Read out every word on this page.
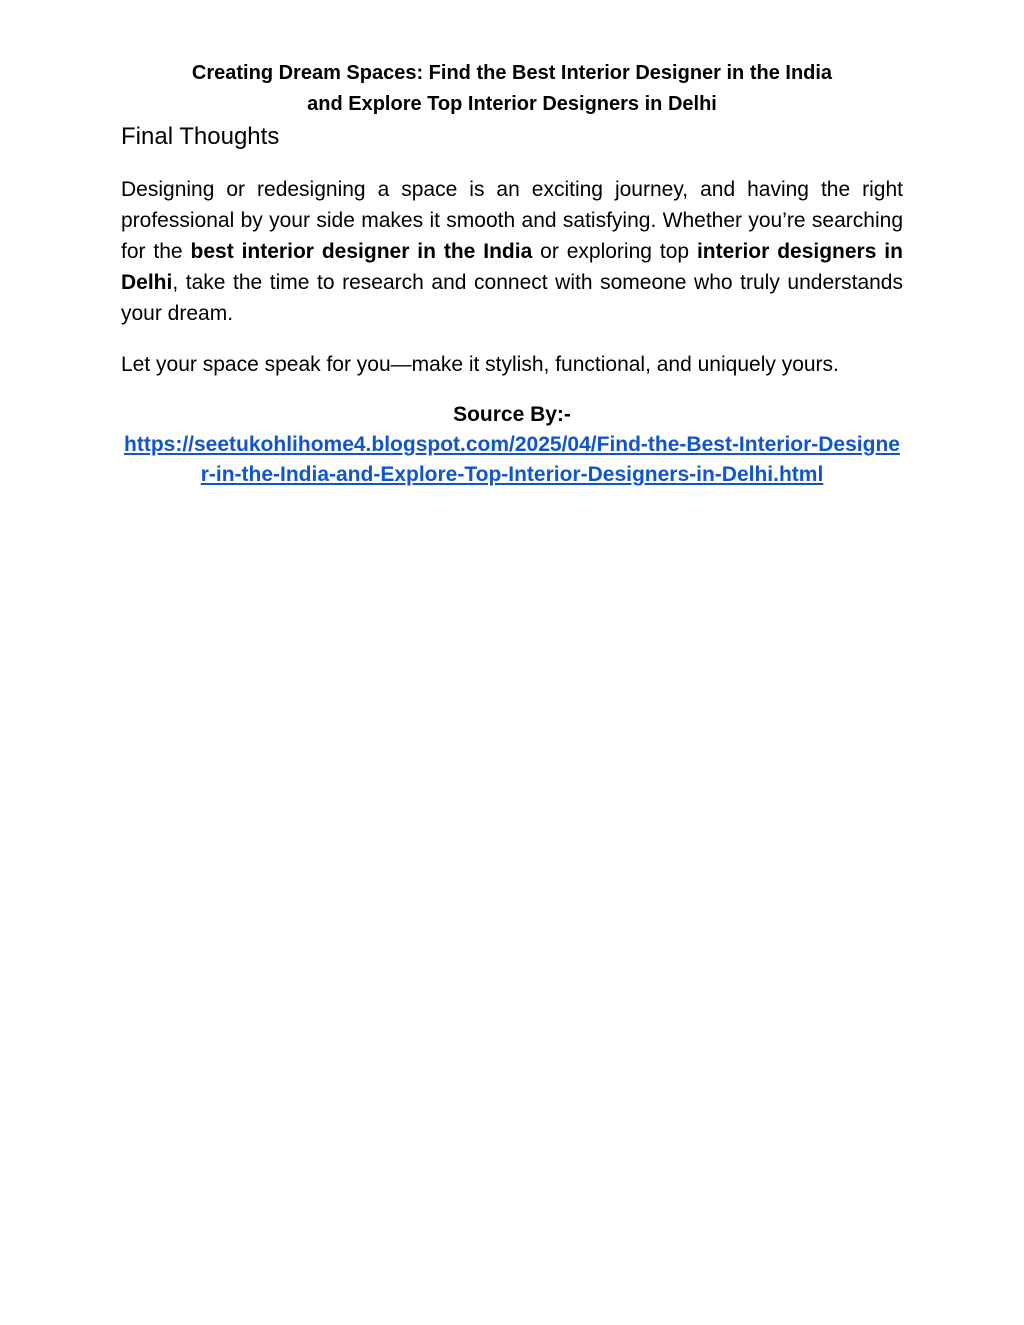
Creating Dream Spaces: Find the Best Interior Designer in the India
and Explore Top Interior Designers in Delhi
Final Thoughts

Designing or redesigning a space is an exciting journey, and having the right professional by your side makes it smooth and satisfying. Whether you’re searching for the best interior designer in the India or exploring top interior designers in Delhi, take the time to research and connect with someone who truly understands your dream.

Let your space speak for you—make it stylish, functional, and uniquely yours.

Source By:-
https://seetukohlihome4.blogspot.com/2025/04/Find-the-Best-Interior-Designer-in-the-India-and-Explore-Top-Interior-Designers-in-Delhi.html
